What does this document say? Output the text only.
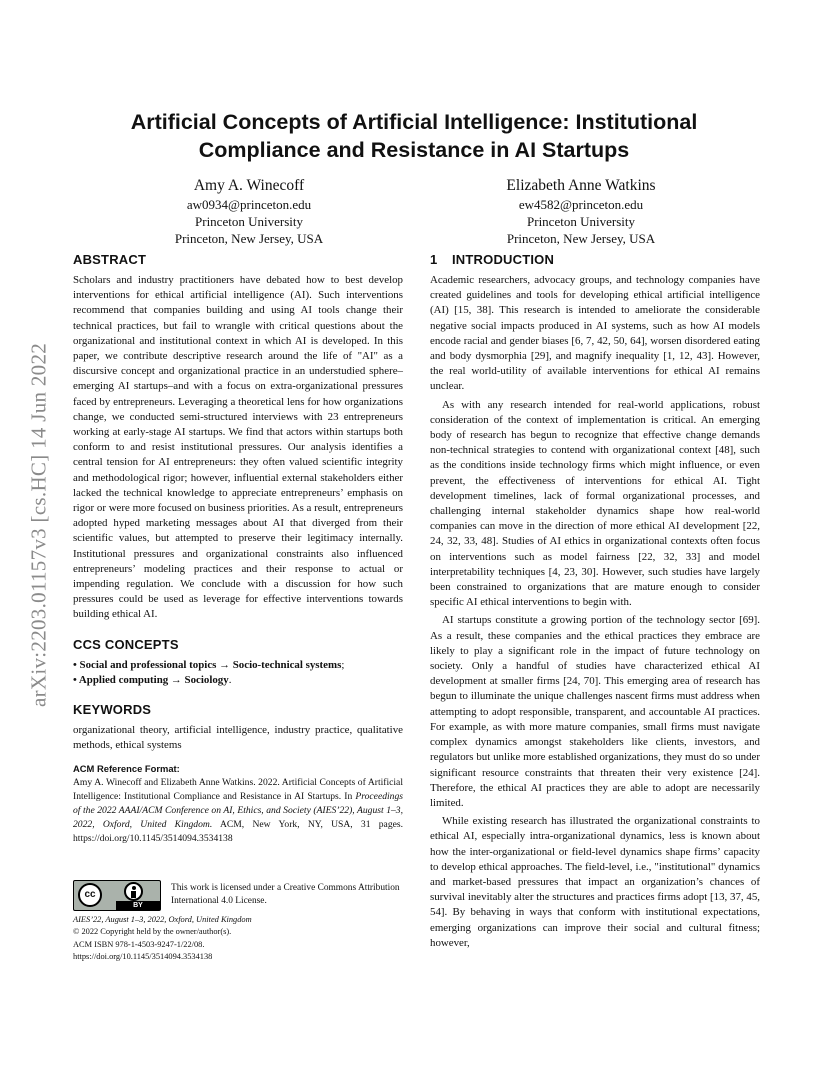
arXiv:2203.01157v3 [cs.HC] 14 Jun 2022
Artificial Concepts of Artificial Intelligence: Institutional
Compliance and Resistance in AI Startups
Amy A. Winecoff
aw0934@princeton.edu
Princeton University
Princeton, New Jersey, USA
Elizabeth Anne Watkins
ew4582@princeton.edu
Princeton University
Princeton, New Jersey, USA
ABSTRACT

Scholars and industry practitioners have debated how to best develop interventions for ethical artificial intelligence (AI). Such interventions recommend that companies building and using AI tools change their technical practices, but fail to wrangle with critical questions about the organizational and institutional context in which AI is developed. In this paper, we contribute descriptive research around the life of "AI" as a discursive concept and organizational practice in an understudied sphere–emerging AI startups–and with a focus on extra-organizational pressures faced by entrepreneurs. Leveraging a theoretical lens for how organizations change, we conducted semi-structured interviews with 23 entrepreneurs working at early-stage AI startups. We find that actors within startups both conform to and resist institutional pressures. Our analysis identifies a central tension for AI entrepreneurs: they often valued scientific integrity and methodological rigor; however, influential external stakeholders either lacked the technical knowledge to appreciate entrepreneurs’ emphasis on rigor or were more focused on business priorities. As a result, entrepreneurs adopted hyped marketing messages about AI that diverged from their scientific values, but attempted to preserve their legitimacy internally. Institutional pressures and organizational constraints also influenced entrepreneurs’ modeling practices and their response to actual or impending regulation. We conclude with a discussion for how such pressures could be used as leverage for effective interventions towards building ethical AI.

CCS CONCEPTS
• Social and professional topics → Socio-technical systems;
• Applied computing → Sociology.
KEYWORDS

organizational theory, artificial intelligence, industry practice, qualitative methods, ethical systems

ACM Reference Format:

Amy A. Winecoff and Elizabeth Anne Watkins. 2022. Artificial Concepts of Artificial Intelligence: Institutional Compliance and Resistance in AI Startups. In Proceedings of the 2022 AAAI/ACM Conference on AI, Ethics, and Society (AIES’22), August 1–3, 2022, Oxford, United Kingdom. ACM, New York, NY, USA, 31 pages. https://doi.org/10.1145/3514094.3534138

cc
BY
This work is licensed under a Creative Commons Attribution International 4.0 License.
AIES’22, August 1–3, 2022, Oxford, United Kingdom
© 2022 Copyright held by the owner/author(s).
ACM ISBN 978-1-4503-9247-1/22/08.
https://doi.org/10.1145/3514094.3534138
1 INTRODUCTION

Academic researchers, advocacy groups, and technology companies have created guidelines and tools for developing ethical artificial intelligence (AI) [15, 38]. This research is intended to ameliorate the considerable negative social impacts produced in AI systems, such as how AI models encode racial and gender biases [6, 7, 42, 50, 64], worsen disordered eating and body dysmorphia [29], and magnify inequality [1, 12, 43]. However, the real world-utility of available interventions for ethical AI remains unclear.

As with any research intended for real-world applications, robust consideration of the context of implementation is critical. An emerging body of research has begun to recognize that effective change demands non-technical strategies to contend with organizational context [48], such as the conditions inside technology firms which might influence, or even prevent, the effectiveness of interventions for ethical AI. Tight development timelines, lack of formal organizational processes, and challenging internal stakeholder dynamics shape how real-world companies can move in the direction of more ethical AI development [22, 24, 32, 33, 48]. Studies of AI ethics in organizational contexts often focus on interventions such as model fairness [22, 32, 33] and model interpretability techniques [4, 23, 30]. However, such studies have largely been constrained to organizations that are mature enough to consider specific AI ethical interventions to begin with.

AI startups constitute a growing portion of the technology sector [69]. As a result, these companies and the ethical practices they embrace are likely to play a significant role in the impact of future technology on society. Only a handful of studies have characterized ethical AI development at smaller firms [24, 70]. This emerging area of research has begun to illuminate the unique challenges nascent firms must address when attempting to adopt responsible, transparent, and accountable AI practices. For example, as with more mature companies, small firms must navigate complex dynamics amongst stakeholders like clients, investors, and regulators but unlike more established organizations, they must do so under significant resource constraints that threaten their very existence [24]. Therefore, the ethical AI practices they are able to adopt are necessarily limited.

While existing research has illustrated the organizational constraints to ethical AI, especially intra-organizational dynamics, less is known about how the inter-organizational or field-level dynamics shape firms’ capacity to develop ethical approaches. The field-level, i.e., "institutional" dynamics and market-based pressures that impact an organization’s chances of survival inevitably alter the structures and practices firms adopt [13, 37, 45, 54]. By behaving in ways that conform with institutional expectations, emerging organizations can improve their social and cultural fitness; however,
